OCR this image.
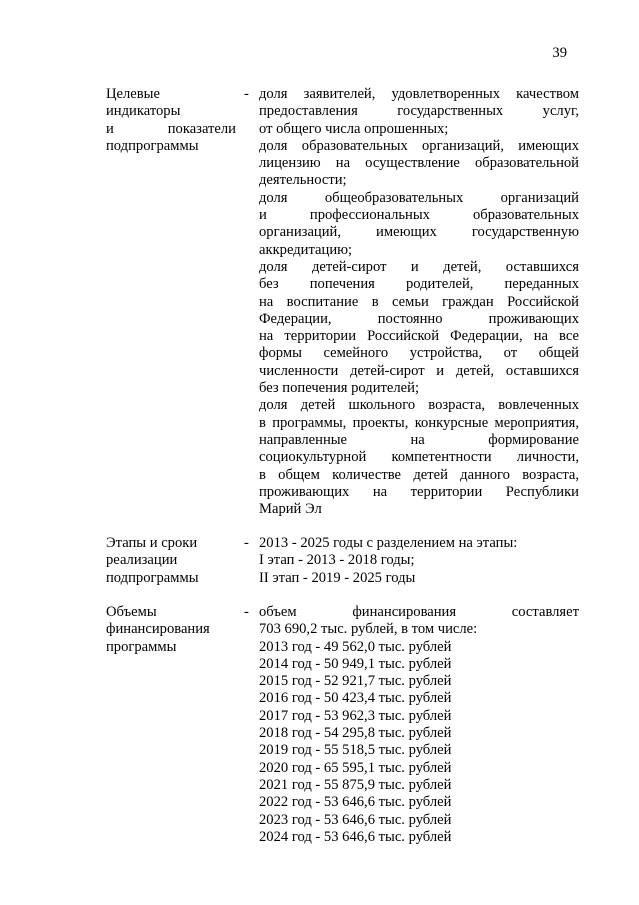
39
Целевые
индикаторы
и показатели
подпрограммы
- доля заявителей, удовлетворенных качеством
предоставления государственных услуг,
от общего числа опрошенных;
доля образовательных организаций, имеющих
лицензию на осуществление образовательной
деятельности;
доля общеобразовательных организаций
и профессиональных образовательных
организаций, имеющих государственную
аккредитацию;
доля детей-сирот и детей, оставшихся
без попечения родителей, переданных
на воспитание в семьи граждан Российской
Федерации, постоянно проживающих
на территории Российской Федерации, на все
формы семейного устройства, от общей
численности детей-сирот и детей, оставшихся
без попечения родителей;
доля детей школьного возраста, вовлеченных
в программы, проекты, конкурсные мероприятия,
направленные на формирование
социокультурной компетентности личности,
в общем количестве детей данного возраста,
проживающих на территории Республики
Марий Эл
Этапы и сроки
реализации
подпрограммы
- 2013 - 2025 годы с разделением на этапы:
I этап - 2013 - 2018 годы;
II этап - 2019 - 2025 годы
Объемы
финансирования
программы
- объем финансирования составляет
703 690,2 тыс. рублей, в том числе:
2013 год - 49 562,0 тыс. рублей
2014 год - 50 949,1 тыс. рублей
2015 год - 52 921,7 тыс. рублей
2016 год - 50 423,4 тыс. рублей
2017 год - 53 962,3 тыс. рублей
2018 год - 54 295,8 тыс. рублей
2019 год - 55 518,5 тыс. рублей
2020 год - 65 595,1 тыс. рублей
2021 год - 55 875,9 тыс. рублей
2022 год - 53 646,6 тыс. рублей
2023 год - 53 646,6 тыс. рублей
2024 год - 53 646,6 тыс. рублей
